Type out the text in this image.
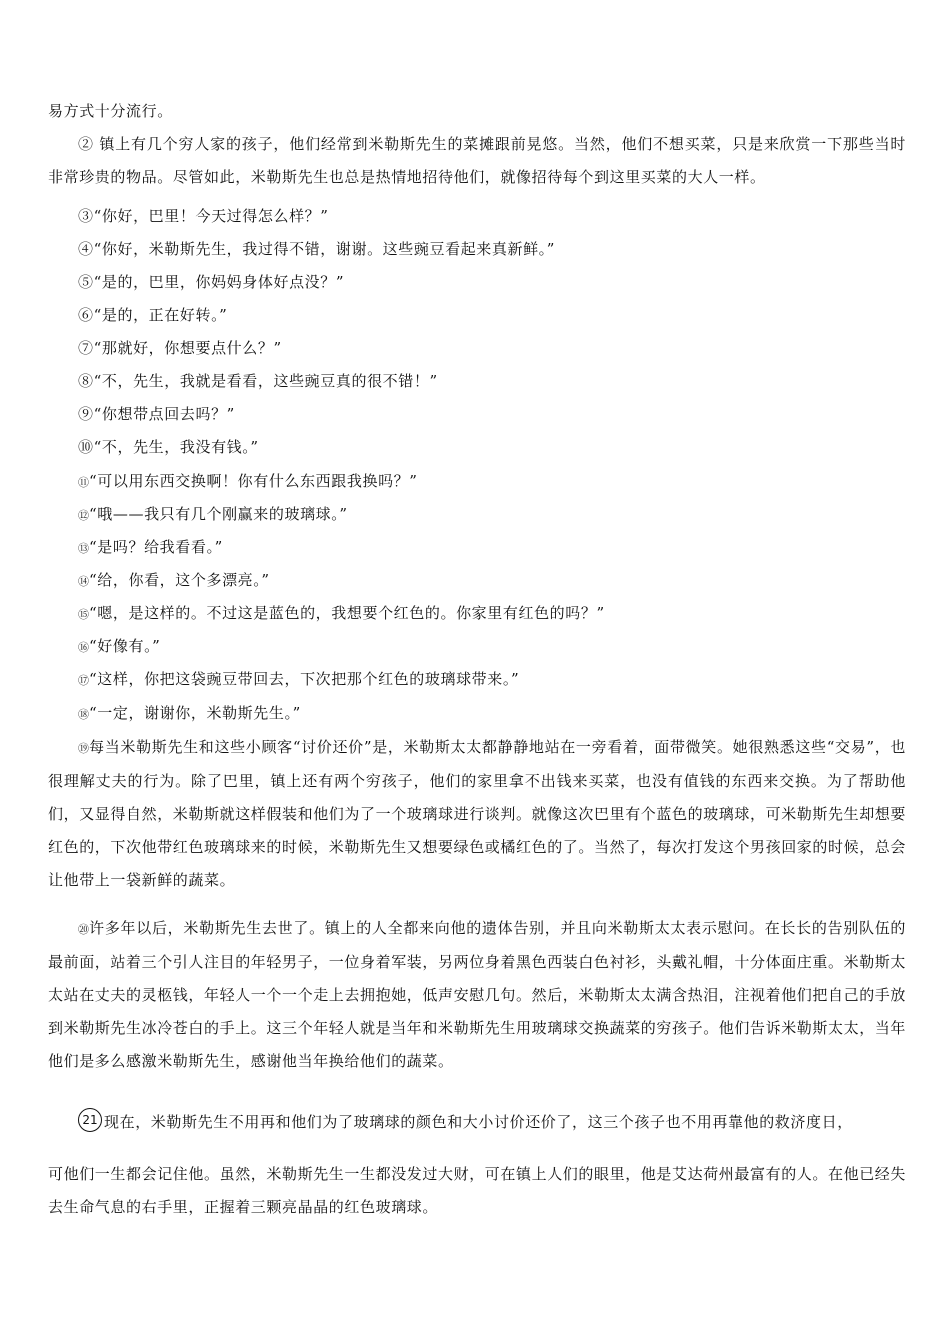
易方式十分流行。

② 镇上有几个穷人家的孩子，他们经常到米勒斯先生的菜摊跟前晃悠。当然，他们不想买菜，只是来欣赏一下那些当时非常珍贵的物品。尽管如此，米勒斯先生也总是热情地招待他们，就像招待每个到这里买菜的大人一样。

③“你好，巴里！今天过得怎么样？”

④“你好，米勒斯先生，我过得不错，谢谢。这些豌豆看起来真新鲜。”

⑤“是的，巴里，你妈妈身体好点没？”

⑥“是的，正在好转。”

⑦“那就好，你想要点什么？”

⑧“不，先生，我就是看看，这些豌豆真的很不错！”

⑨“你想带点回去吗？”

⑩“不，先生，我没有钱。”

⑪“可以用东西交换啊！你有什么东西跟我换吗？”

⑫“哦——我只有几个刚赢来的玻璃球。”

⑬“是吗？给我看看。”

⑭“给，你看，这个多漂亮。”

⑮“嗯，是这样的。不过这是蓝色的，我想要个红色的。你家里有红色的吗？”

⑯“好像有。”

⑰“这样，你把这袋豌豆带回去，下次把那个红色的玻璃球带来。”

⑱“一定，谢谢你，米勒斯先生。”

⑲每当米勒斯先生和这些小顾客“讨价还价”是，米勒斯太太都静静地站在一旁看着，面带微笑。她很熟悉这些“交易”，也很理解丈夫的行为。除了巴里，镇上还有两个穷孩子，他们的家里拿不出钱来买菜，也没有值钱的东西来交换。为了帮助他们，又显得自然，米勒斯就这样假装和他们为了一个玻璃球进行谈判。就像这次巴里有个蓝色的玻璃球，可米勒斯先生却想要红色的，下次他带红色玻璃球来的时候，米勒斯先生又想要绿色或橘红色的了。当然了，每次打发这个男孩回家的时候，总会让他带上一袋新鲜的蔬菜。

⑳许多年以后，米勒斯先生去世了。镇上的人全都来向他的遗体告别，并且向米勒斯太太表示慰问。在长长的告别队伍的最前面，站着三个引人注目的年轻男子，一位身着军装，另两位身着黑色西装白色衬衫，头戴礼帽，十分体面庄重。米勒斯太太站在丈夫的灵柩钱，年轻人一个一个走上去拥抱她，低声安慰几句。然后，米勒斯太太满含热泪，注视着他们把自己的手放到米勒斯先生冰冷苍白的手上。这三个年轻人就是当年和米勒斯先生用玻璃球交换蔬菜的穷孩子。他们告诉米勒斯太太，当年他们是多么感激米勒斯先生，感谢他当年换给他们的蔬菜。

21 现在，米勒斯先生不用再和他们为了玻璃球的颜色和大小讨价还价了，这三个孩子也不用再靠他的救济度日，

可他们一生都会记住他。虽然，米勒斯先生一生都没发过大财，可在镇上人们的眼里，他是艾达荷州最富有的人。在他已经失去生命气息的右手里，正握着三颗亮晶晶的红色玻璃球。
